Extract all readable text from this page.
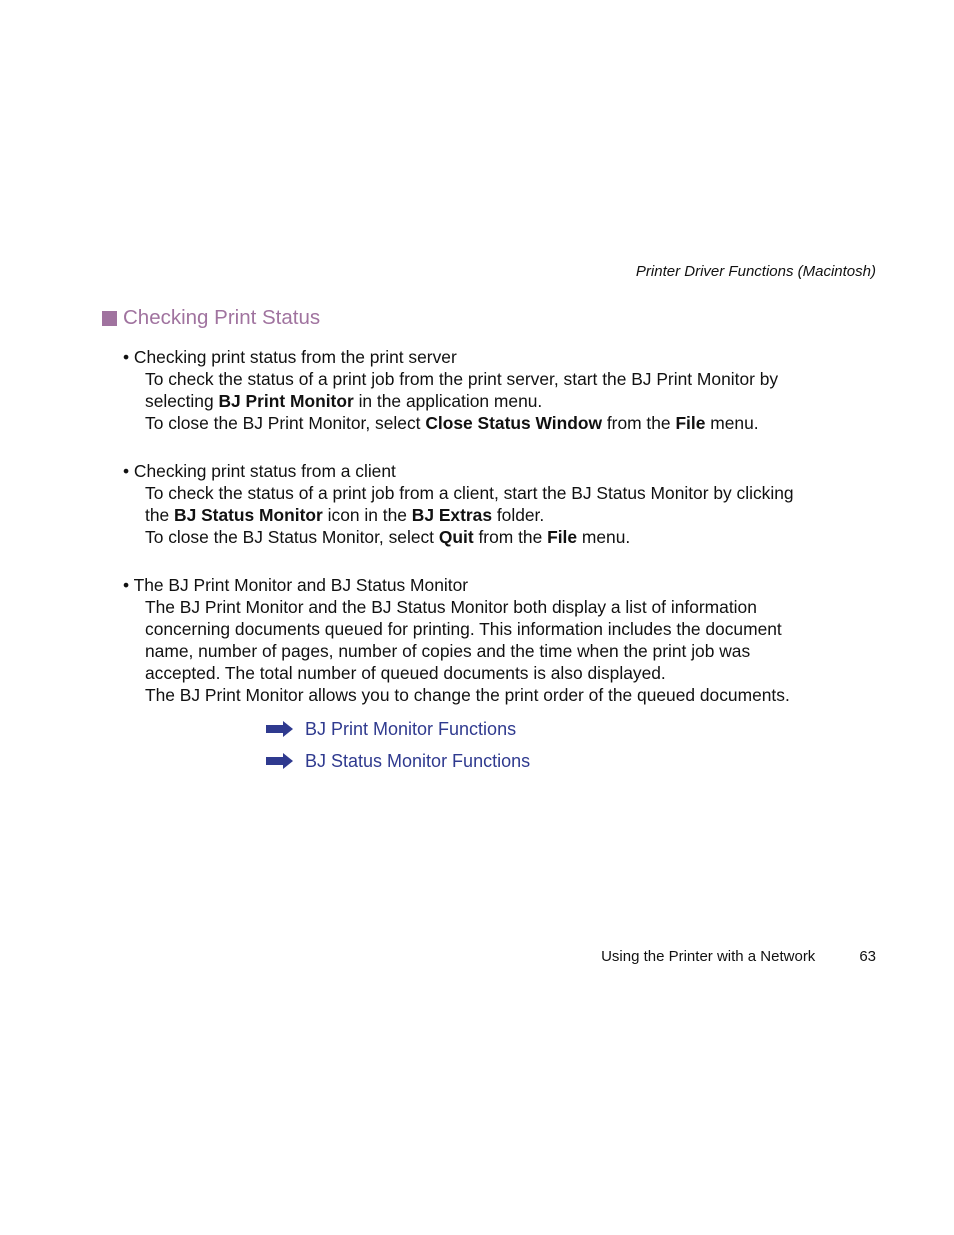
Printer Driver Functions (Macintosh)
Checking Print Status
• Checking print status from the print server

To check the status of a print job from the print server, start the BJ Print Monitor by

selecting BJ Print Monitor in the application menu.

To close the BJ Print Monitor, select Close Status Window from the File menu.

• Checking print status from a client

To check the status of a print job from a client, start the BJ Status Monitor by clicking

the BJ Status Monitor icon in the BJ Extras folder.

To close the BJ Status Monitor, select Quit from the File menu.

• The BJ Print Monitor and BJ Status Monitor

The BJ Print Monitor and the BJ Status Monitor both display a list of information

concerning documents queued for printing. This information includes the document

name, number of pages, number of copies and the time when the print job was

accepted. The total number of queued documents is also displayed.

The BJ Print Monitor allows you to change the print order of the queued documents.

BJ Print Monitor Functions
BJ Status Monitor Functions
Using the Printer with a Network	63
